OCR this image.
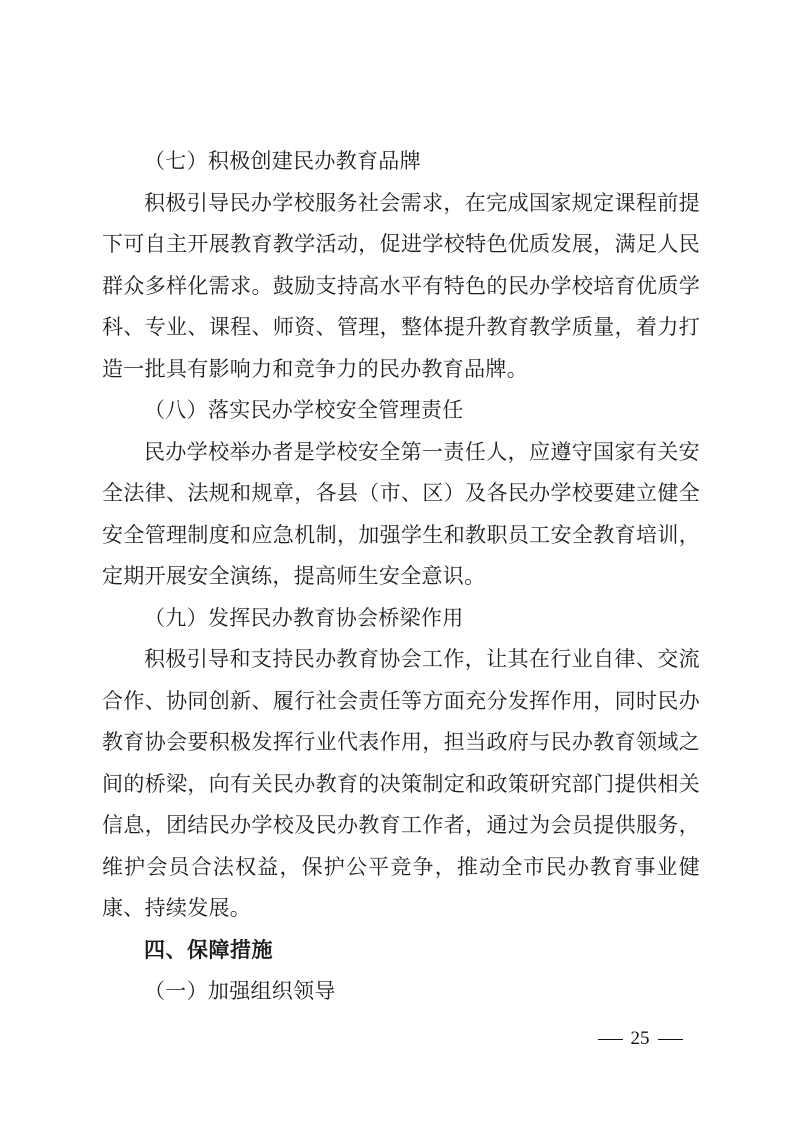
（七）积极创建民办教育品牌

积极引导民办学校服务社会需求，在完成国家规定课程前提下可自主开展教育教学活动，促进学校特色优质发展，满足人民群众多样化需求。鼓励支持高水平有特色的民办学校培育优质学科、专业、课程、师资、管理，整体提升教育教学质量，着力打造一批具有影响力和竞争力的民办教育品牌。

（八）落实民办学校安全管理责任

民办学校举办者是学校安全第一责任人，应遵守国家有关安全法律、法规和规章，各县（市、区）及各民办学校要建立健全安全管理制度和应急机制，加强学生和教职员工安全教育培训，定期开展安全演练，提高师生安全意识。

（九）发挥民办教育协会桥梁作用

积极引导和支持民办教育协会工作，让其在行业自律、交流合作、协同创新、履行社会责任等方面充分发挥作用，同时民办教育协会要积极发挥行业代表作用，担当政府与民办教育领域之间的桥梁，向有关民办教育的决策制定和政策研究部门提供相关信息，团结民办学校及民办教育工作者，通过为会员提供服务，维护会员合法权益，保护公平竞争，推动全市民办教育事业健康、持续发展。

四、保障措施

（一）加强组织领导

— 25 —
